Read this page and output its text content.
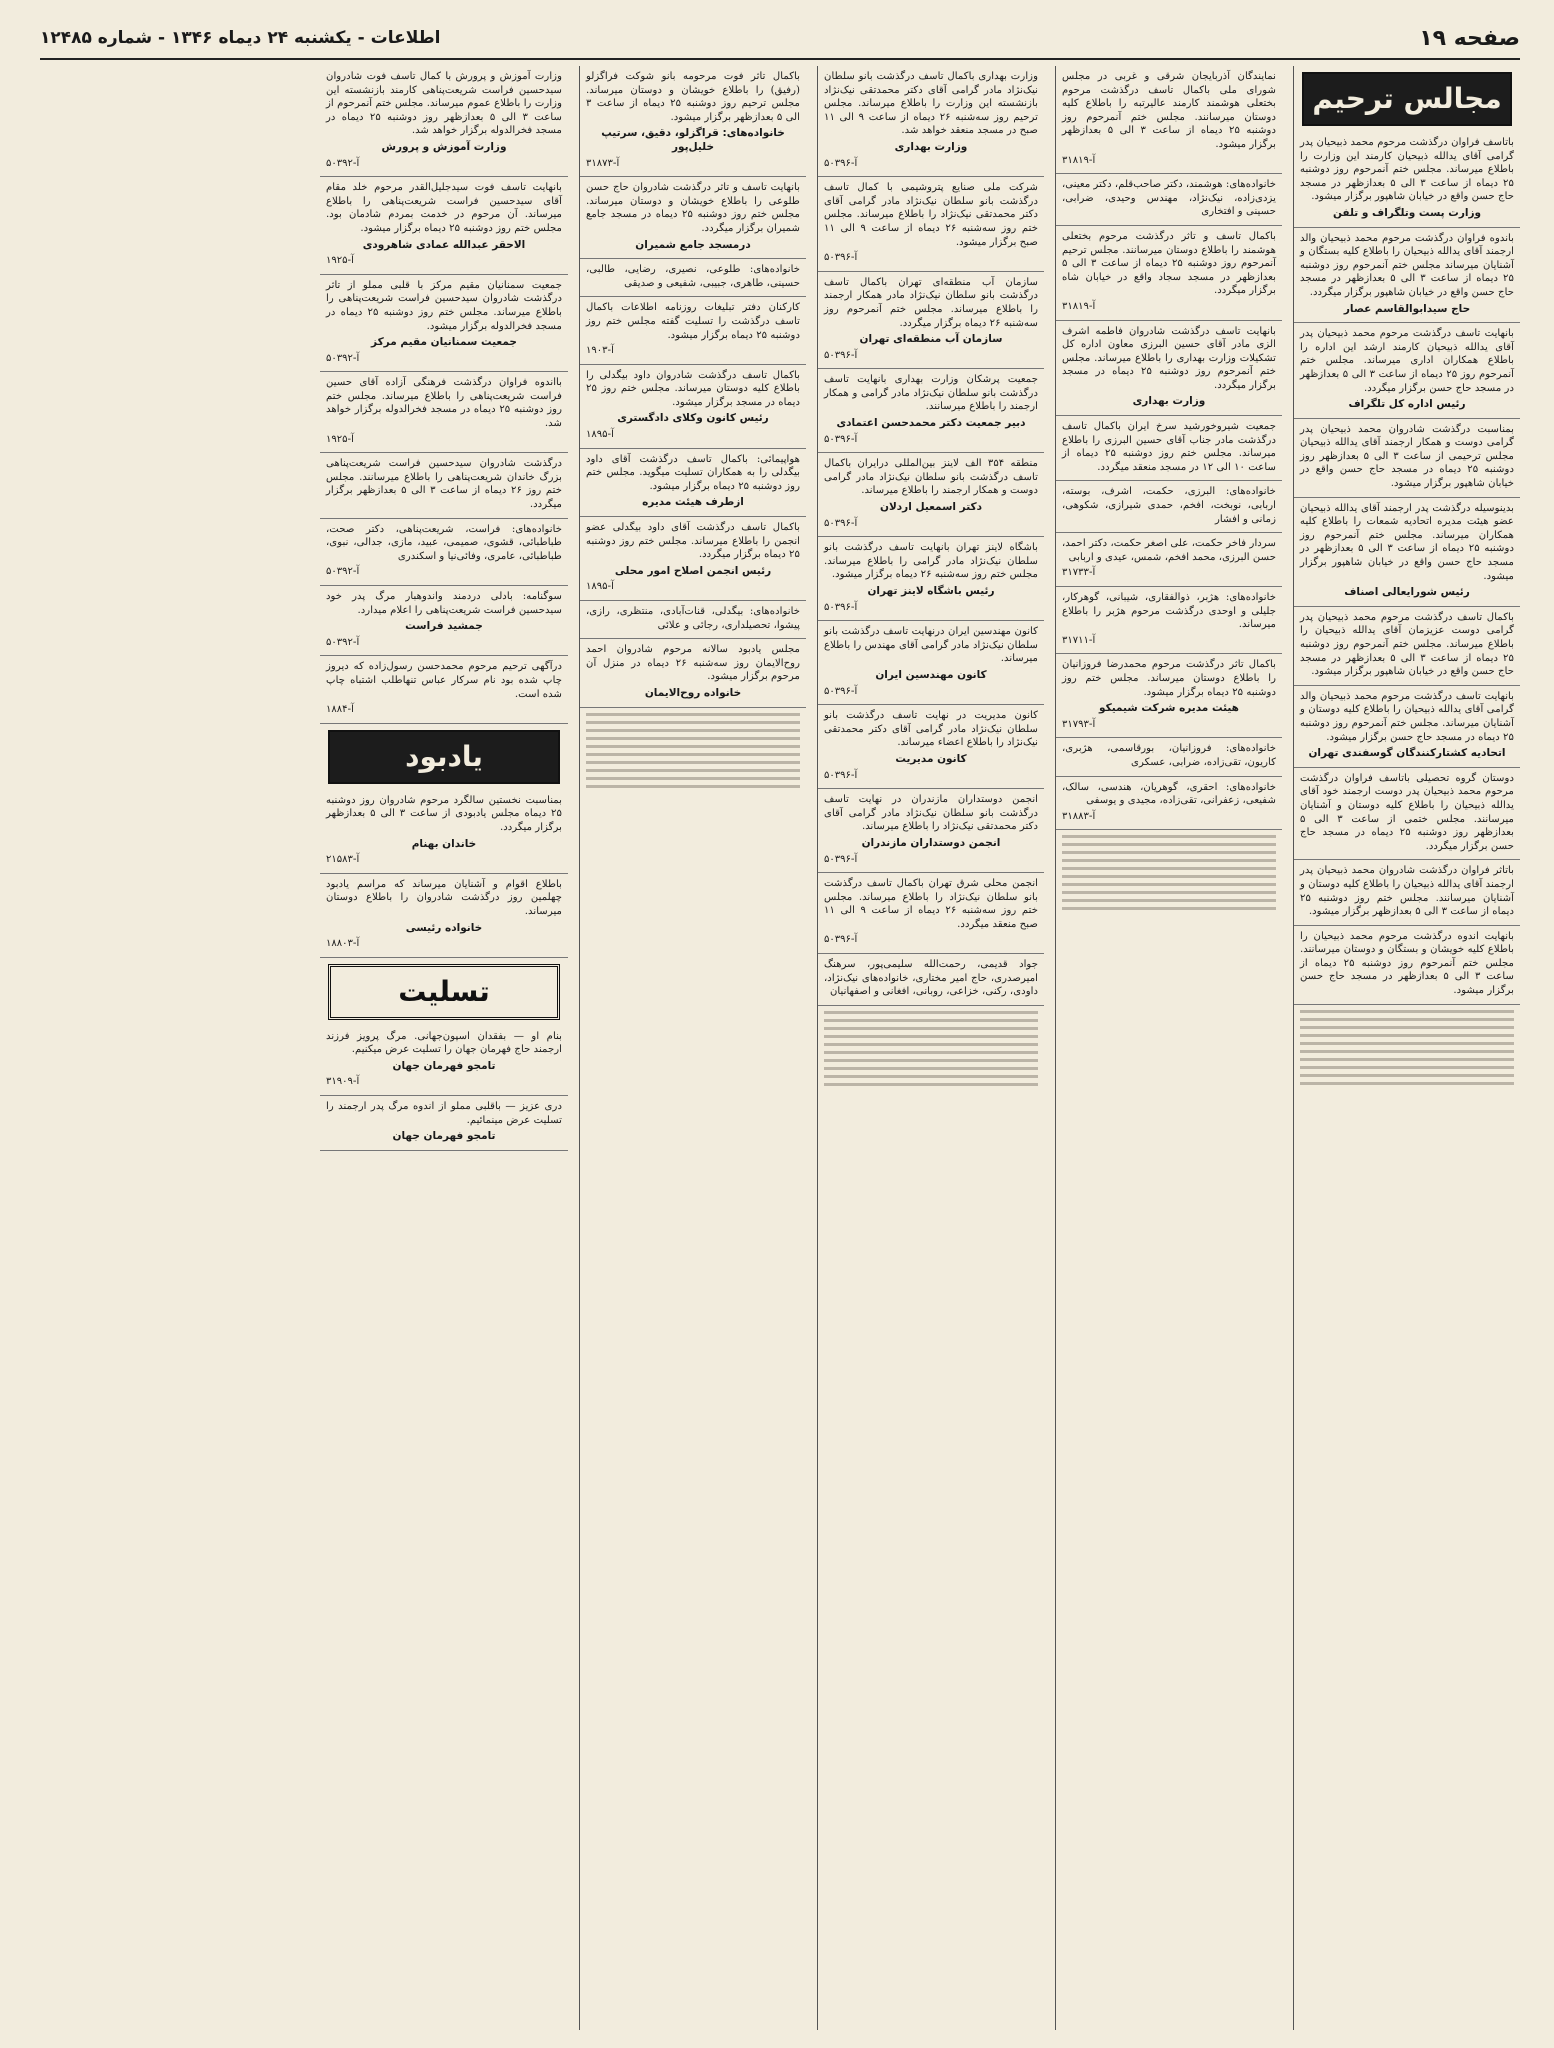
صفحه ۱۹
اطلاعات - یکشنبه ۲۴ دیماه ۱۳۴۶ - شماره ۱۲۴۸۵
مجالس ترحیم

باتاسف فراوان درگذشت مرحوم محمد ذبیحیان پدر گرامی آقای یدالله ذبیحیان کارمند این وزارت را باطلاع میرساند. مجلس ختم آنمرحوم روز دوشنبه ۲۵ دیماه از ساعت ۳ الی ۵ بعدازظهر در مسجد حاج حسن واقع در خیابان شاهپور برگزار میشود.

وزارت پست وتلگراف و تلفن

باندوه فراوان درگذشت مرحوم محمد ذبیحیان والد ارجمند آقای یدالله ذبیحیان را باطلاع کلیه بستگان و آشنایان میرساند مجلس ختم آنمرحوم روز دوشنبه ۲۵ دیماه از ساعت ۳ الی ۵ بعدازظهر در مسجد حاج حسن واقع در خیابان شاهپور برگزار میگردد.

حاج سیدابوالقاسم عصار

بانهایت تاسف درگذشت مرحوم محمد ذبیحیان پدر آقای یدالله ذبیحیان کارمند ارشد این اداره را باطلاع همکاران اداری میرساند. مجلس ختم آنمرحوم روز ۲۵ دیماه از ساعت ۳ الی ۵ بعدازظهر در مسجد حاج حسن برگزار میگردد.

رئیس اداره کل تلگراف

بمناسبت درگذشت شادروان محمد ذبیحیان پدر گرامی دوست و همکار ارجمند آقای یدالله ذبیحیان مجلس ترحیمی از ساعت ۳ الی ۵ بعدازظهر روز دوشنبه ۲۵ دیماه در مسجد حاج حسن واقع در خیابان شاهپور برگزار میشود.

بدینوسیله درگذشت پدر ارجمند آقای یدالله ذبیحیان عضو هیئت مدیره اتحادیه شمعات را باطلاع کلیه همکاران میرساند. مجلس ختم آنمرحوم روز دوشنبه ۲۵ دیماه از ساعت ۳ الی ۵ بعدازظهر در مسجد حاج حسن واقع در خیابان شاهپور برگزار میشود.

رئیس شورایعالی اصناف

باکمال تاسف درگذشت مرحوم محمد ذبیحیان پدر گرامی دوست عزیزمان آقای یدالله ذبیحیان را باطلاع میرساند. مجلس ختم آنمرحوم روز دوشنبه ۲۵ دیماه از ساعت ۳ الی ۵ بعدازظهر در مسجد حاج حسن واقع در خیابان شاهپور برگزار میشود.

بانهایت تاسف درگذشت مرحوم محمد ذبیحیان والد گرامی آقای یدالله ذبیحیان را باطلاع کلیه دوستان و آشنایان میرساند. مجلس ختم آنمرحوم روز دوشنبه ۲۵ دیماه در مسجد حاج حسن برگزار میشود.

اتحادیه کشتارکنندگان گوسفندی تهران

دوستان گروه تحصیلی باتاسف فراوان درگذشت مرحوم محمد ذبیحیان پدر دوست ارجمند خود آقای یدالله ذبیحیان را باطلاع کلیه دوستان و آشنایان میرسانند. مجلس ختمی از ساعت ۳ الی ۵ بعدازظهر روز دوشنبه ۲۵ دیماه در مسجد حاج حسن برگزار میگردد.

باتاثر فراوان درگذشت شادروان محمد ذبیحیان پدر ارجمند آقای یدالله ذبیحیان را باطلاع کلیه دوستان و آشنایان میرسانند. مجلس ختم روز دوشنبه ۲۵ دیماه از ساعت ۳ الی ۵ بعدازظهر برگزار میشود.

بانهایت اندوه درگذشت مرحوم محمد ذبیحیان را باطلاع کلیه خویشان و بستگان و دوستان میرسانند. مجلس ختم آنمرحوم روز دوشنبه ۲۵ دیماه از ساعت ۳ الی ۵ بعدازظهر در مسجد حاج حسن برگزار میشود.

نمایندگان آذربایجان شرقی و غربی در مجلس شورای ملی باکمال تاسف درگذشت مرحوم بختعلی هوشمند کارمند عالیرتبه را باطلاع کلیه دوستان میرسانند. مجلس ختم آنمرحوم روز دوشنبه ۲۵ دیماه از ساعت ۳ الی ۵ بعدازظهر برگزار میشود.

آ-۳۱۸۱۹

خانواده‌های: هوشمند، دکتر صاحب‌قلم، دکتر معینی، یزدی‌زاده، نیک‌نژاد، مهندس وحیدی، ضرابی، حسینی و افتخاری

باکمال تاسف و تاثر درگذشت مرحوم بختعلی هوشمند را باطلاع دوستان میرسانند. مجلس ترحیم آنمرحوم روز دوشنبه ۲۵ دیماه از ساعت ۳ الی ۵ بعدازظهر در مسجد سجاد واقع در خیابان شاه برگزار میگردد.

آ-۳۱۸۱۹

بانهایت تاسف درگذشت شادروان فاطمه اشرف الزی مادر آقای حسین البرزی معاون اداره کل تشکیلات وزارت بهداری را باطلاع میرساند. مجلس ختم آنمرحوم روز دوشنبه ۲۵ دیماه در مسجد برگزار میگردد.

وزارت بهداری

جمعیت شیروخورشید سرخ ایران باکمال تاسف درگذشت مادر جناب آقای حسین البرزی را باطلاع میرساند. مجلس ختم روز دوشنبه ۲۵ دیماه از ساعت ۱۰ الی ۱۲ در مسجد منعقد میگردد.

خانواده‌های: البرزی، حکمت، اشرف، بوسته، اربابی، نوبخت، افخم، حمدی شیرازی، شکوهی، زمانی و افشار

سردار فاخر حکمت، علی اصغر حکمت، دکتر احمد، حسن البرزی، محمد افخم، شمس، عیدی و اربابی

آ-۳۱۷۳۳

خانواده‌های: هژبر، ذوالفقاری، شیبانی، گوهرکار، جلیلی و اوحدی درگذشت مرحوم هژبر را باطلاع میرساند.

آ-۳۱۷۱۱

باکمال تاثر درگذشت مرحوم محمدرضا فروزانیان را باطلاع دوستان میرساند. مجلس ختم روز دوشنبه ۲۵ دیماه برگزار میشود.

هیئت مدیره شرکت شیمیکو
آ-۳۱۷۹۳

خانواده‌های: فروزانیان، بورقاسمی، هژبری، کاریون، تقی‌زاده، ضرابی، عسکری

خانواده‌های: احقری، گوهریان، هندسی، سالک، شفیعی، زعفرانی، تقی‌زاده، مجیدی و یوسفی

آ-۳۱۸۸۳

وزارت بهداری باکمال تاسف درگذشت بانو سلطان نیک‌نژاد مادر گرامی آقای دکتر محمدتقی نیک‌نژاد بازنشسته این وزارت را باطلاع میرساند. مجلس ترحیم روز سه‌شنبه ۲۶ دیماه از ساعت ۹ الی ۱۱ صبح در مسجد منعقد خواهد شد.

وزارت بهداری
آ-۵۰۳۹۶

شرکت ملی صنایع پتروشیمی با کمال تاسف درگذشت بانو سلطان نیک‌نژاد مادر گرامی آقای دکتر محمدتقی نیک‌نژاد را باطلاع میرساند. مجلس ختم روز سه‌شنبه ۲۶ دیماه از ساعت ۹ الی ۱۱ صبح برگزار میشود.

آ-۵۰۳۹۶

سازمان آب منطقه‌ای تهران باکمال تاسف درگذشت بانو سلطان نیک‌نژاد مادر همکار ارجمند را باطلاع میرساند. مجلس ختم آنمرحوم روز سه‌شنبه ۲۶ دیماه برگزار میگردد.

سازمان آب منطقه‌ای تهران
آ-۵۰۳۹۶

جمعیت پرشکان وزارت بهداری بانهایت تاسف درگذشت بانو سلطان نیک‌نژاد مادر گرامی و همکار ارجمند را باطلاع میرسانند.

دبیر جمعیت دکتر محمدحسن اعتمادی
آ-۵۰۳۹۶

منطقه ۳۵۴ الف لاینز بین‌المللی درایران باکمال تاسف درگذشت بانو سلطان نیک‌نژاد مادر گرامی دوست و همکار ارجمند را باطلاع میرساند.

دکتر اسمعیل اردلان
آ-۵۰۳۹۶

باشگاه لاینز تهران بانهایت تاسف درگذشت بانو سلطان نیک‌نژاد مادر گرامی را باطلاع میرساند. مجلس ختم روز سه‌شنبه ۲۶ دیماه برگزار میشود.

رئیس باشگاه لاینز تهران
آ-۵۰۳۹۶

کانون مهندسین ایران درنهایت تاسف درگذشت بانو سلطان نیک‌نژاد مادر گرامی آقای مهندس را باطلاع میرساند.

کانون مهندسین ایران
آ-۵۰۳۹۶

کانون مدیریت در نهایت تاسف درگذشت بانو سلطان نیک‌نژاد مادر گرامی آقای دکتر محمدتقی نیک‌نژاد را باطلاع اعضاء میرساند.

کانون مدیریت
آ-۵۰۳۹۶

انجمن دوستداران مازندران در نهایت تاسف درگذشت بانو سلطان نیک‌نژاد مادر گرامی آقای دکتر محمدتقی نیک‌نژاد را باطلاع میرساند.

انجمن دوستداران مازندران
آ-۵۰۳۹۶

انجمن محلی شرق تهران باکمال تاسف درگذشت بانو سلطان نیک‌نژاد را باطلاع میرساند. مجلس ختم روز سه‌شنبه ۲۶ دیماه از ساعت ۹ الی ۱۱ صبح منعقد میگردد.

آ-۵۰۳۹۶

جواد قدیمی، رحمت‌الله سلیمی‌پور، سرهنگ امیرصدری، حاج امیر مختاری، خانواده‌های نیک‌نژاد، داودی، رکنی، خزاعی، روبانی، افغانی و اصفهانیان

باکمال تاثر فوت مرحومه بانو شوکت فراگزلو (رفیق) را باطلاع خویشان و دوستان میرساند. مجلس ترحیم روز دوشنبه ۲۵ دیماه از ساعت ۳ الی ۵ بعدازظهر برگزار میشود.

خانواده‌های: قراگزلو، دقیق، سرتیپ خلیل‌پور
آ-۳۱۸۷۳

بانهایت تاسف و تاثر درگذشت شادروان حاج حسن طلوعی را باطلاع خویشان و دوستان میرساند. مجلس ختم روز دوشنبه ۲۵ دیماه در مسجد جامع شمیران برگزار میگردد.

درمسجد جامع شمیران

خانواده‌های: طلوعی، نصیری، رضایی، طالبی، حسینی، طاهری، جبیبی، شفیعی و صدیقی

کارکنان دفتر تبلیغات روزنامه اطلاعات باکمال تاسف درگذشت را تسلیت گفته مجلس ختم روز دوشنبه ۲۵ دیماه برگزار میشود.

آ-۱۹۰۳

باکمال تاسف درگذشت شادروان داود بیگدلی را باطلاع کلیه دوستان میرساند. مجلس ختم روز ۲۵ دیماه در مسجد برگزار میشود.

رئیس کانون وکلای دادگستری
آ-۱۸۹۵

هواپیمائی: باکمال تاسف درگذشت آقای داود بیگدلی را به همکاران تسلیت میگوید. مجلس ختم روز دوشنبه ۲۵ دیماه برگزار میشود.

ازطرف هیئت مدیره

باکمال تاسف درگذشت آقای داود بیگدلی عضو انجمن را باطلاع میرساند. مجلس ختم روز دوشنبه ۲۵ دیماه برگزار میگردد.

رئیس انجمن اصلاح امور محلی
آ-۱۸۹۵

خانواده‌های: بیگدلی، قنات‌آبادی، منتظری، رازی، پیشوا، تحصیلداری، رجائی و علائی

مجلس یادبود سالانه مرحوم شادروان احمد روح‌الایمان روز سه‌شنبه ۲۶ دیماه در منزل آن مرحوم برگزار میشود.

خانواده روح‌الایمان

وزارت آموزش و پرورش با کمال تاسف فوت شادروان سیدحسین فراست شریعت‌پناهی کارمند بازنشسته این وزارت را باطلاع عموم میرساند. مجلس ختم آنمرحوم از ساعت ۳ الی ۵ بعدازظهر روز دوشنبه ۲۵ دیماه در مسجد فخرالدوله برگزار خواهد شد.

وزارت آموزش و پرورش
آ-۵۰۳۹۲

بانهایت تاسف فوت سیدجلیل‌القدر مرحوم خلد مقام آقای سیدحسین فراست شریعت‌پناهی را باطلاع میرساند. آن مرحوم در خدمت بمردم شادمان بود. مجلس ختم روز دوشنبه ۲۵ دیماه برگزار میشود.

الاحقر عبدالله عمادی شاهرودی
آ-۱۹۲۵

جمعیت سمنانیان مقیم مرکز با قلبی مملو از تاثر درگذشت شادروان سیدحسین فراست شریعت‌پناهی را باطلاع میرساند. مجلس ختم روز دوشنبه ۲۵ دیماه در مسجد فخرالدوله برگزار میشود.

جمعیت سمنانیان مقیم مرکز
آ-۵۰۳۹۲

بااندوه فراوان درگذشت فرهنگی آزاده آقای حسین فراست شریعت‌پناهی را باطلاع میرساند. مجلس ختم روز دوشنبه ۲۵ دیماه در مسجد فخرالدوله برگزار خواهد شد.

آ-۱۹۲۵

درگذشت شادروان سیدحسین فراست شریعت‌پناهی بزرگ خاندان شریعت‌پناهی را باطلاع میرسانند. مجلس ختم روز ۲۶ دیماه از ساعت ۳ الی ۵ بعدازظهر برگزار میگردد.

خانواده‌های: فراست، شریعت‌پناهی، دکتر صحت، طباطبائی، قشوی، صمیمی، عبید، مازی، جدالی، نبوی، طباطبائی، عامری، وفائی‌نیا و اسکندری

آ-۵۰۳۹۲

سوگنامه: بادلی دردمند واندوهبار مرگ پدر خود سیدحسین فراست شریعت‌پناهی را اعلام میدارد.

جمشید فراست
آ-۵۰۳۹۲

درآگهی ترحیم مرحوم محمدحسن رسول‌زاده که دیروز چاپ شده بود نام سرکار عباس تنهاطلب اشتباه چاپ شده است.

آ-۱۸۸۴
یادبود

بمناسبت نخستین سالگرد مرحوم شادروان روز دوشنبه ۲۵ دیماه مجلس یادبودی از ساعت ۳ الی ۵ بعدازظهر برگزار میگردد.

خاندان بهنام
آ-۲۱۵۸۳

باطلاع اقوام و آشنایان میرساند که مراسم یادبود چهلمین روز درگذشت شادروان را باطلاع دوستان میرساند.

خانواده رئیسی
آ-۱۸۸۰۳
تسلیت

بنام او — بفقدان اسپون‌جهانی. مرگ پرویز فرزند ارجمند حاج فهرمان جهان را تسلیت عرض میکنیم.

تامجو فهرمان جهان
آ-۳۱۹۰۹

دری عزیز — باقلبی مملو از اندوه مرگ پدر ارجمند را تسلیت عرض مینمائیم.

تامجو فهرمان جهان
